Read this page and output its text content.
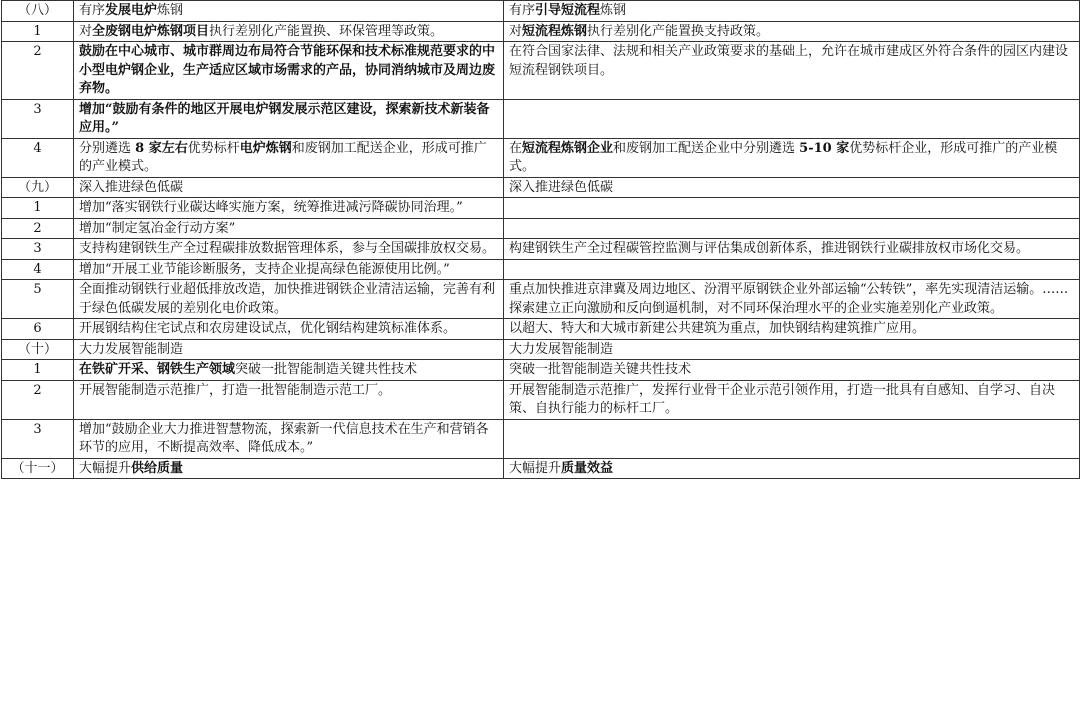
（八）	有序发展电炉炼钢	有序引导短流程炼钢
1	对全废钢电炉炼钢项目执行差别化产能置换、环保管理等政策。	对短流程炼钢执行差别化产能置换支持政策。
2	鼓励在中心城市、城市群周边布局符合节能环保和技术标准规范要求的中小型电炉钢企业，生产适应区域市场需求的产品，协同消纳城市及周边废弃物。	在符合国家法律、法规和相关产业政策要求的基础上，允许在城市建成区外符合条件的园区内建设短流程钢铁项目。
3	增加“鼓励有条件的地区开展电炉钢发展示范区建设，探索新技术新装备应用。”	
4	分别遴选 8 家左右优势标杆电炉炼钢和废钢加工配送企业，形成可推广的产业模式。	在短流程炼钢企业和废钢加工配送企业中分别遴选 5-10 家优势标杆企业，形成可推广的产业模式。
（九）	深入推进绿色低碳	深入推进绿色低碳
1	增加“落实钢铁行业碳达峰实施方案，统筹推进减污降碳协同治理。”	
2	增加“制定氢冶金行动方案”	
3	支持构建钢铁生产全过程碳排放数据管理体系，参与全国碳排放权交易。	构建钢铁生产全过程碳管控监测与评估集成创新体系，推进钢铁行业碳排放权市场化交易。
4	增加“开展工业节能诊断服务，支持企业提高绿色能源使用比例。”	
5	全面推动钢铁行业超低排放改造，加快推进钢铁企业清洁运输，完善有利于绿色低碳发展的差别化电价政策。	重点加快推进京津冀及周边地区、汾渭平原钢铁企业外部运输“公转铁”，率先实现清洁运输。……探索建立正向激励和反向倒逼机制，对不同环保治理水平的企业实施差别化产业政策。
6	开展钢结构住宅试点和农房建设试点，优化钢结构建筑标准体系。	以超大、特大和大城市新建公共建筑为重点，加快钢结构建筑推广应用。
（十）	大力发展智能制造	大力发展智能制造
1	在铁矿开采、钢铁生产领域突破一批智能制造关键共性技术	突破一批智能制造关键共性技术
2	开展智能制造示范推广，打造一批智能制造示范工厂。	开展智能制造示范推广，发挥行业骨干企业示范引领作用，打造一批具有自感知、自学习、自决策、自执行能力的标杆工厂。
3	增加“鼓励企业大力推进智慧物流，探索新一代信息技术在生产和营销各环节的应用，不断提高效率、降低成本。”	
（十一）	大幅提升供给质量	大幅提升质量效益
